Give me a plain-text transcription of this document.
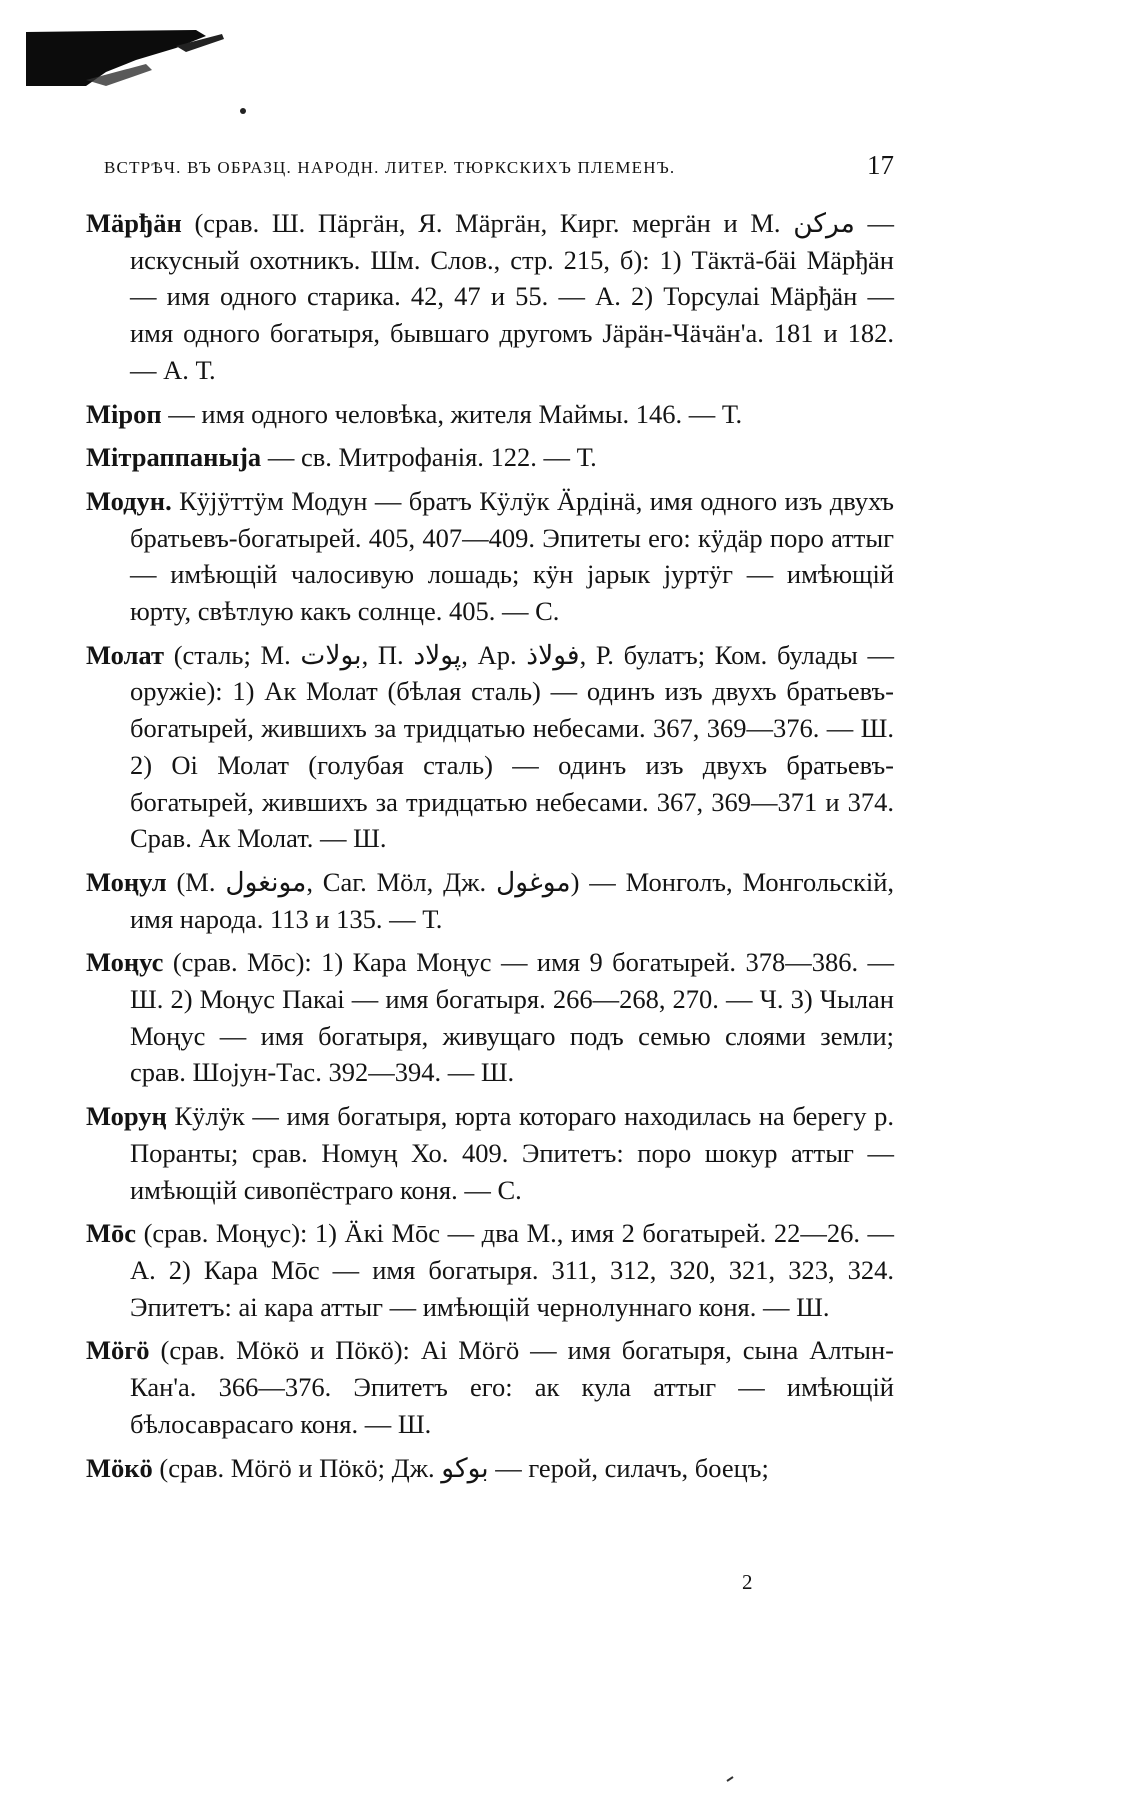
ВСТРѢЧ. ВЪ ОБРАЗЦ. НАРОДН. ЛИТЕР. ТЮРКСКИХЪ ПЛЕМЕНЪ.	17

Мäрђäн (срав. Ш. Пäргäн, Я. Мäргäн, Кирг. мергäн и М. مرکن — искусный охотникъ. Шм. Слов., стр. 215, б): 1) Тäктä-бäі Мäрђäн — имя одного старика. 42, 47 и 55. — А. 2) Торсулаі Мäрђäн — имя одного богатыря, бывшаго другомъ Јäрäн-Чäчäн'а. 181 и 182. — А. Т.

Міроп — имя одного человѣка, жителя Маймы. 146. — Т.

Мітраппаныја — св. Митрофанія. 122. — Т.

Модун. Кӱјӱттӱм Модун — братъ Кӱлӱк Äрдінä, имя одного изъ двухъ братьевъ-богатырей. 405, 407—409. Эпитеты его: кӱдäр поро аттыг — имѣющій чалосивую лошадь; кӱн јарык јуртӱг — имѣющій юрту, свѣтлую какъ солнце. 405. — С.

Молат (сталь; М. بولات, П. پولاد, Ар. فولاذ, Р. булатъ; Ком. булады — оружіе): 1) Ак Молат (бѣлая сталь) — одинъ изъ двухъ братьевъ-богатырей, жившихъ за тридцатью небесами. 367, 369—376. — Ш. 2) Оі Молат (голубая сталь) — одинъ изъ двухъ братьевъ-богатырей, жившихъ за тридцатью небесами. 367, 369—371 и 374. Срав. Ак Молат. — Ш.

Моңул (М. مونغول, Саг. Мӧл, Дж. موغول) — Монголъ, Монгольскій, имя народа. 113 и 135. — Т.

Моңус (срав. Мōс): 1) Кара Моңус — имя 9 богатырей. 378—386. — Ш. 2) Моңус Пакаі — имя богатыря. 266—268, 270. — Ч. 3) Чылан Моңус — имя богатыря, живущаго подъ семью слоями земли; срав. Шојун-Тас. 392—394. — Ш.

Моруң Кӱлӱк — имя богатыря, юрта котораго находилась на берегу р. Поранты; срав. Номуң Хо. 409. Эпитетъ: поро шокур аттыг — имѣющій сивопёстраго коня. — С.

Мōс (срав. Моңус): 1) Äкі Мōс — два М., имя 2 богатырей. 22—26. — А. 2) Кара Мōс — имя богатыря. 311, 312, 320, 321, 323, 324. Эпитетъ: аі кара аттыг — имѣющій чернолуннаго коня. — Ш.

Мӧгӧ (срав. Мӧкӧ и Пӧкӧ): Аі Мӧгӧ — имя богатыря, сына Алтын-Кан'а. 366—376. Эпитетъ его: ак кула аттыг — имѣющій бѣлосаврасаго коня. — Ш.

Мӧкӧ (срав. Мӧгӧ и Пӧкӧ; Дж. بوكو — герой, силачъ, боецъ;

2
